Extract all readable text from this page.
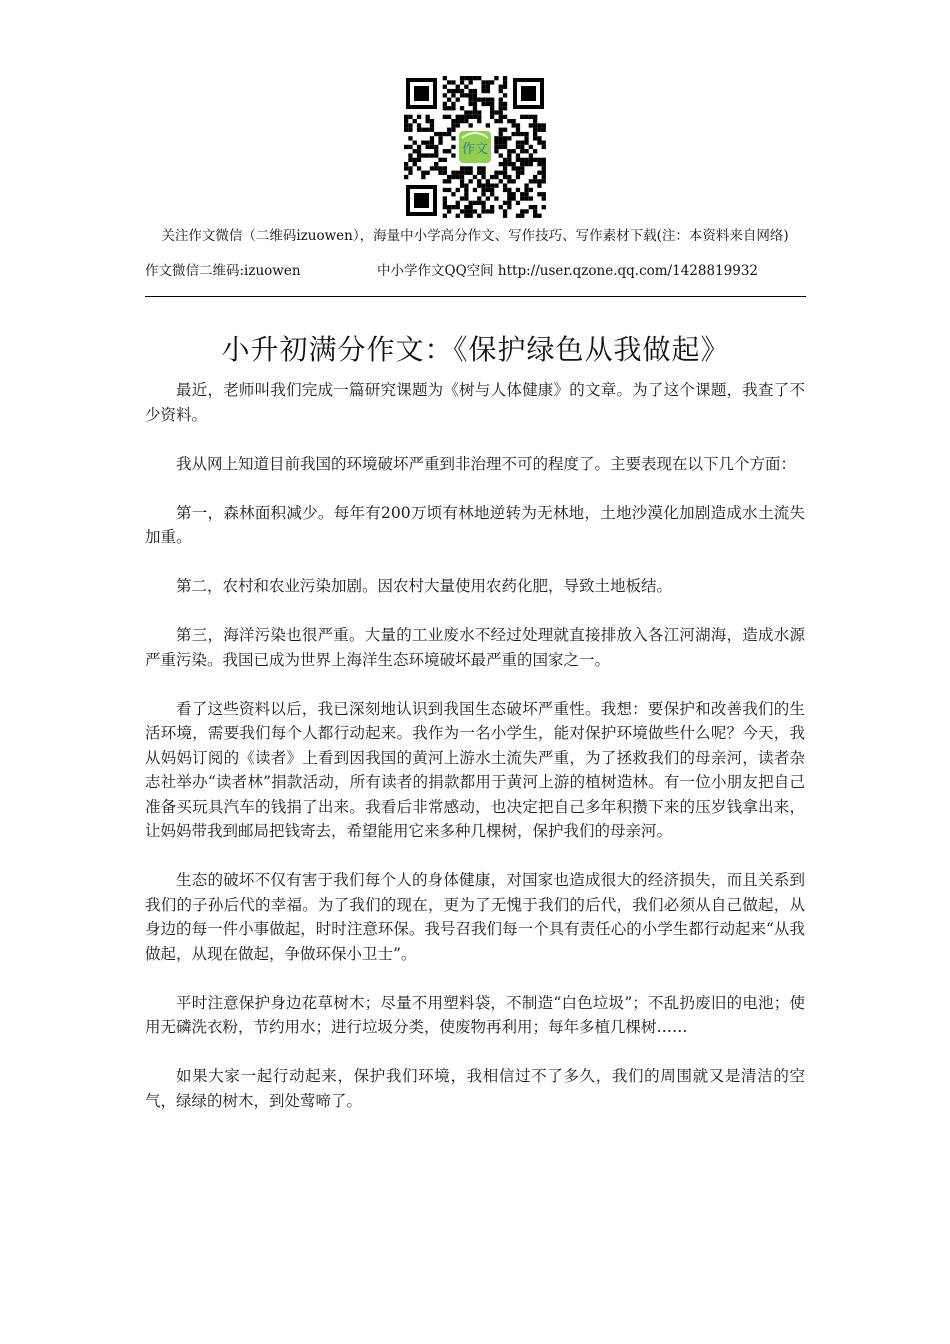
作文
关注作文微信（二维码izuowen），海量中小学高分作文、写作技巧、写作素材下载(注：本资料来自网络)
作文微信二维码:izuowen	中小学作文QQ空间 http://user.qzone.qq.com/1428819932
小升初满分作文：《保护绿色从我做起》

最近，老师叫我们完成一篇研究课题为《树与人体健康》的文章。为了这个课题，我查了不少资料。

我从网上知道目前我国的环境破坏严重到非治理不可的程度了。主要表现在以下几个方面：

第一，森林面积减少。每年有200万顷有林地逆转为无林地，土地沙漠化加剧造成水土流失加重。

第二，农村和农业污染加剧。因农村大量使用农药化肥，导致土地板结。

第三，海洋污染也很严重。大量的工业废水不经过处理就直接排放入各江河湖海，造成水源严重污染。我国已成为世界上海洋生态环境破坏最严重的国家之一。

看了这些资料以后，我已深刻地认识到我国生态破坏严重性。我想：要保护和改善我们的生活环境，需要我们每个人都行动起来。我作为一名小学生，能对保护环境做些什么呢？今天，我从妈妈订阅的《读者》上看到因我国的黄河上游水土流失严重，为了拯救我们的母亲河，读者杂志社举办“读者林”捐款活动，所有读者的捐款都用于黄河上游的植树造林。有一位小朋友把自己准备买玩具汽车的钱捐了出来。我看后非常感动，也决定把自己多年积攒下来的压岁钱拿出来，让妈妈带我到邮局把钱寄去，希望能用它来多种几棵树，保护我们的母亲河。

生态的破坏不仅有害于我们每个人的身体健康，对国家也造成很大的经济损失，而且关系到我们的子孙后代的幸福。为了我们的现在，更为了无愧于我们的后代，我们必须从自己做起，从身边的每一件小事做起，时时注意环保。我号召我们每一个具有责任心的小学生都行动起来“从我做起，从现在做起，争做环保小卫士”。

平时注意保护身边花草树木；尽量不用塑料袋，不制造“白色垃圾”；不乱扔废旧的电池；使用无磷洗衣粉，节约用水；进行垃圾分类，使废物再利用；每年多植几棵树……

如果大家一起行动起来，保护我们环境，我相信过不了多久，我们的周围就又是清洁的空气，绿绿的树木，到处莺啼了。
